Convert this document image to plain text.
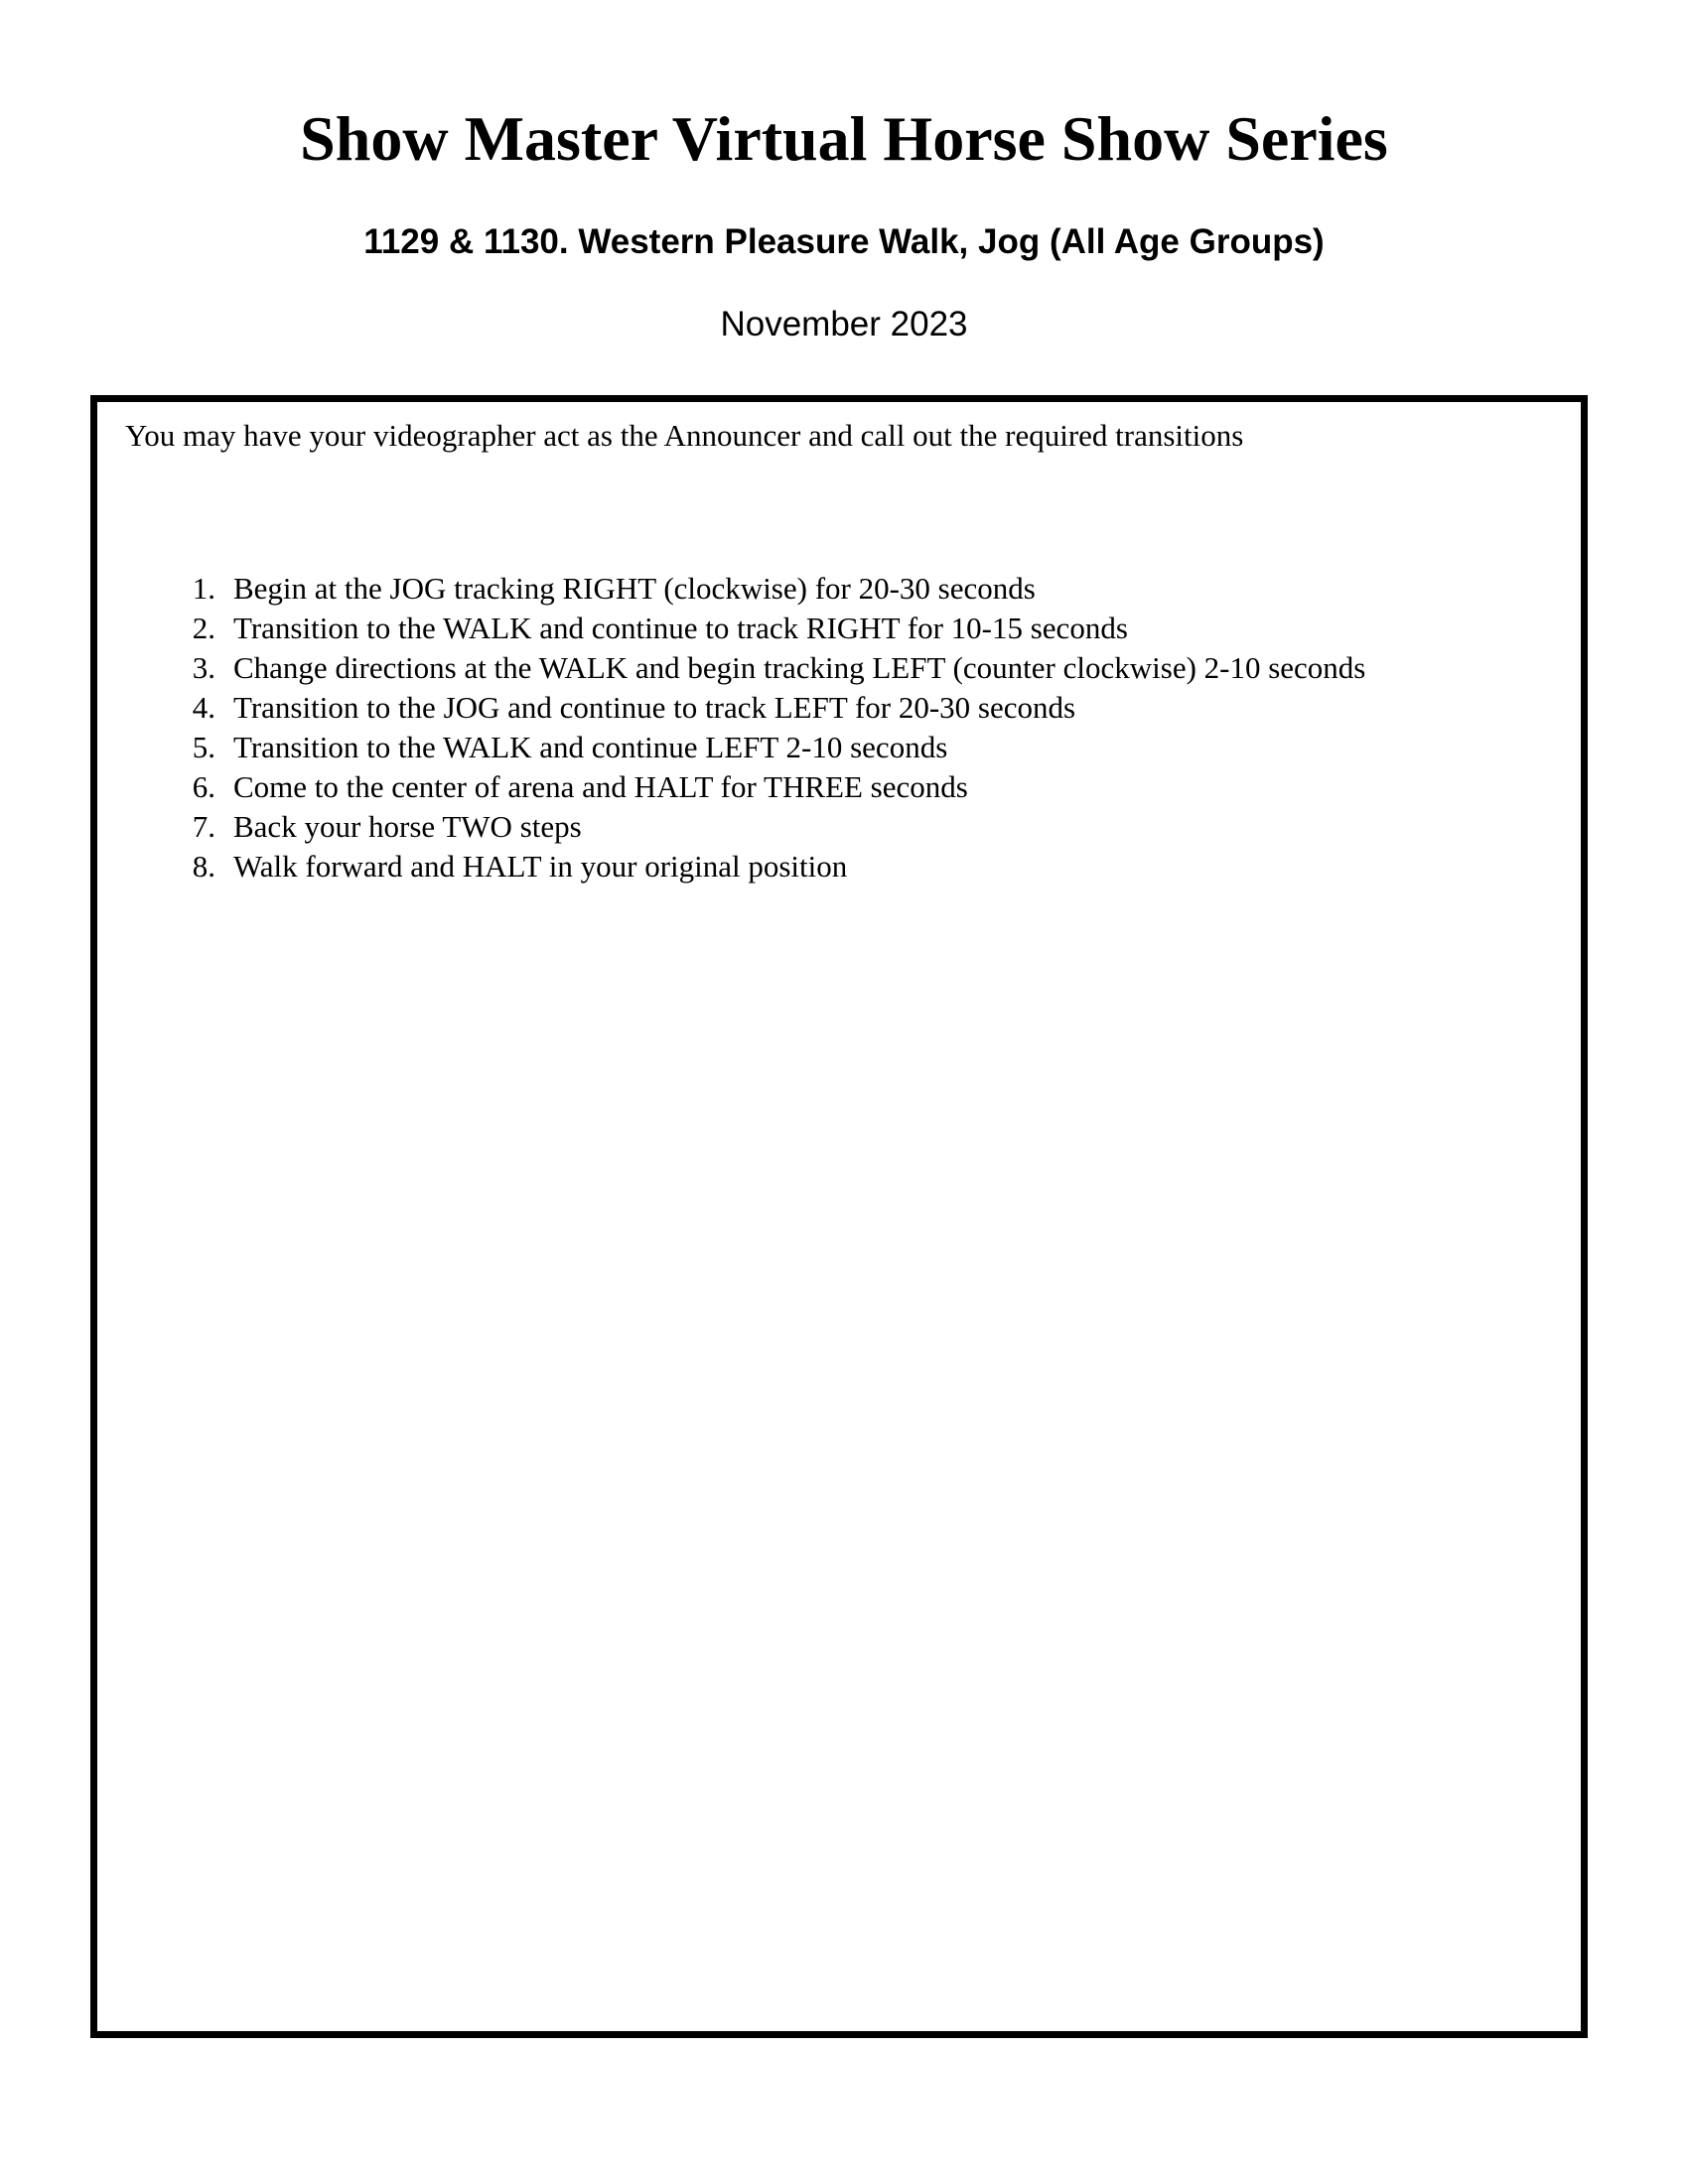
Show Master Virtual Horse Show Series
1129 & 1130. Western Pleasure Walk, Jog (All Age Groups)

November 2023

You may have your videographer act as the Announcer and call out the required transitions

1. Begin at the JOG tracking RIGHT (clockwise) for 20-30 seconds
2. Transition to the WALK and continue to track RIGHT for 10-15 seconds
3. Change directions at the WALK and begin tracking LEFT (counter clockwise) 2-10 seconds
4. Transition to the JOG and continue to track LEFT for 20-30 seconds
5. Transition to the WALK and continue LEFT 2-10 seconds
6. Come to the center of arena and HALT for THREE seconds
7. Back your horse TWO steps
8. Walk forward and HALT in your original position
